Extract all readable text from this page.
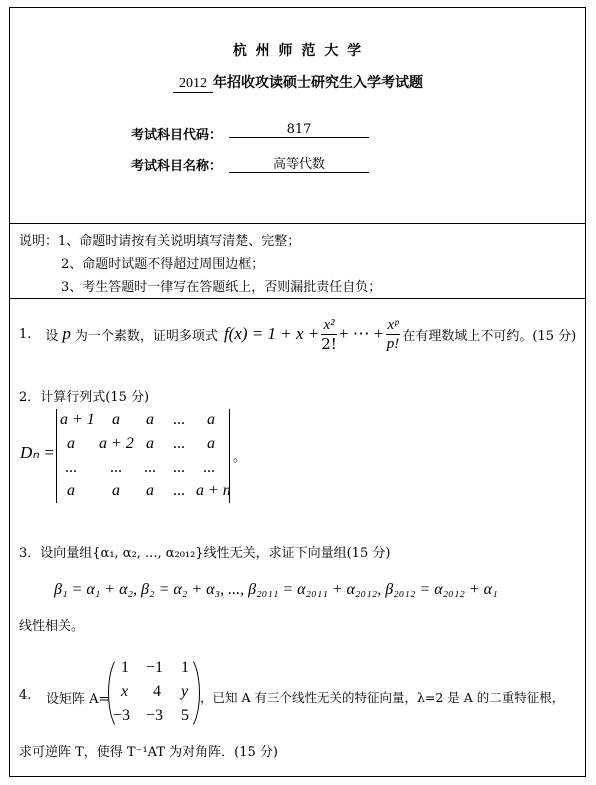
杭 州 师 范 大 学
2012 年招收攻读硕士研究生入学考试题
考试科目代码：	817
考试科目名称：	高等代数
说明：1、命题时请按有关说明填写清楚、完整；
2、命题时试题不得超过周围边框；
3、考生答题时一律写在答题纸上，否则漏批责任自负；
1. 设 p 为一个素数，证明多项式 $f(x) = 1 + x + \frac{\text{x²}}{2!}$ + ⋯ + $\frac{\text{xᵖ}}{p!}$ 在有理数域上不可约。(15 分)
2．计算行列式(15 分)
Dₙ =
a + 1 a a ... a
a a + 2 a ... a
... ... ... ... ...
a a a ... a + n
。
3．设向量组{α₁, α₂, ..., α₂₀₁₂}线性无关，求证下向量组(15 分)
β₁ = α₁ + α₂, β₂ = α₂ + α₃, ..., β₂₀₁₁ = α₂₀₁₁ + α₂₀₁₂, β₂₀₁₂ = α₂₀₁₂ + α₁
线性相关。
4. 设矩阵 A=
1 −1 1
x 4 y
−3 −3 5
，已知 A 有三个线性无关的特征向量，λ=2 是 A 的二重特征根，
求可逆阵 T，使得 T⁻¹AT 为对角阵．(15 分)
